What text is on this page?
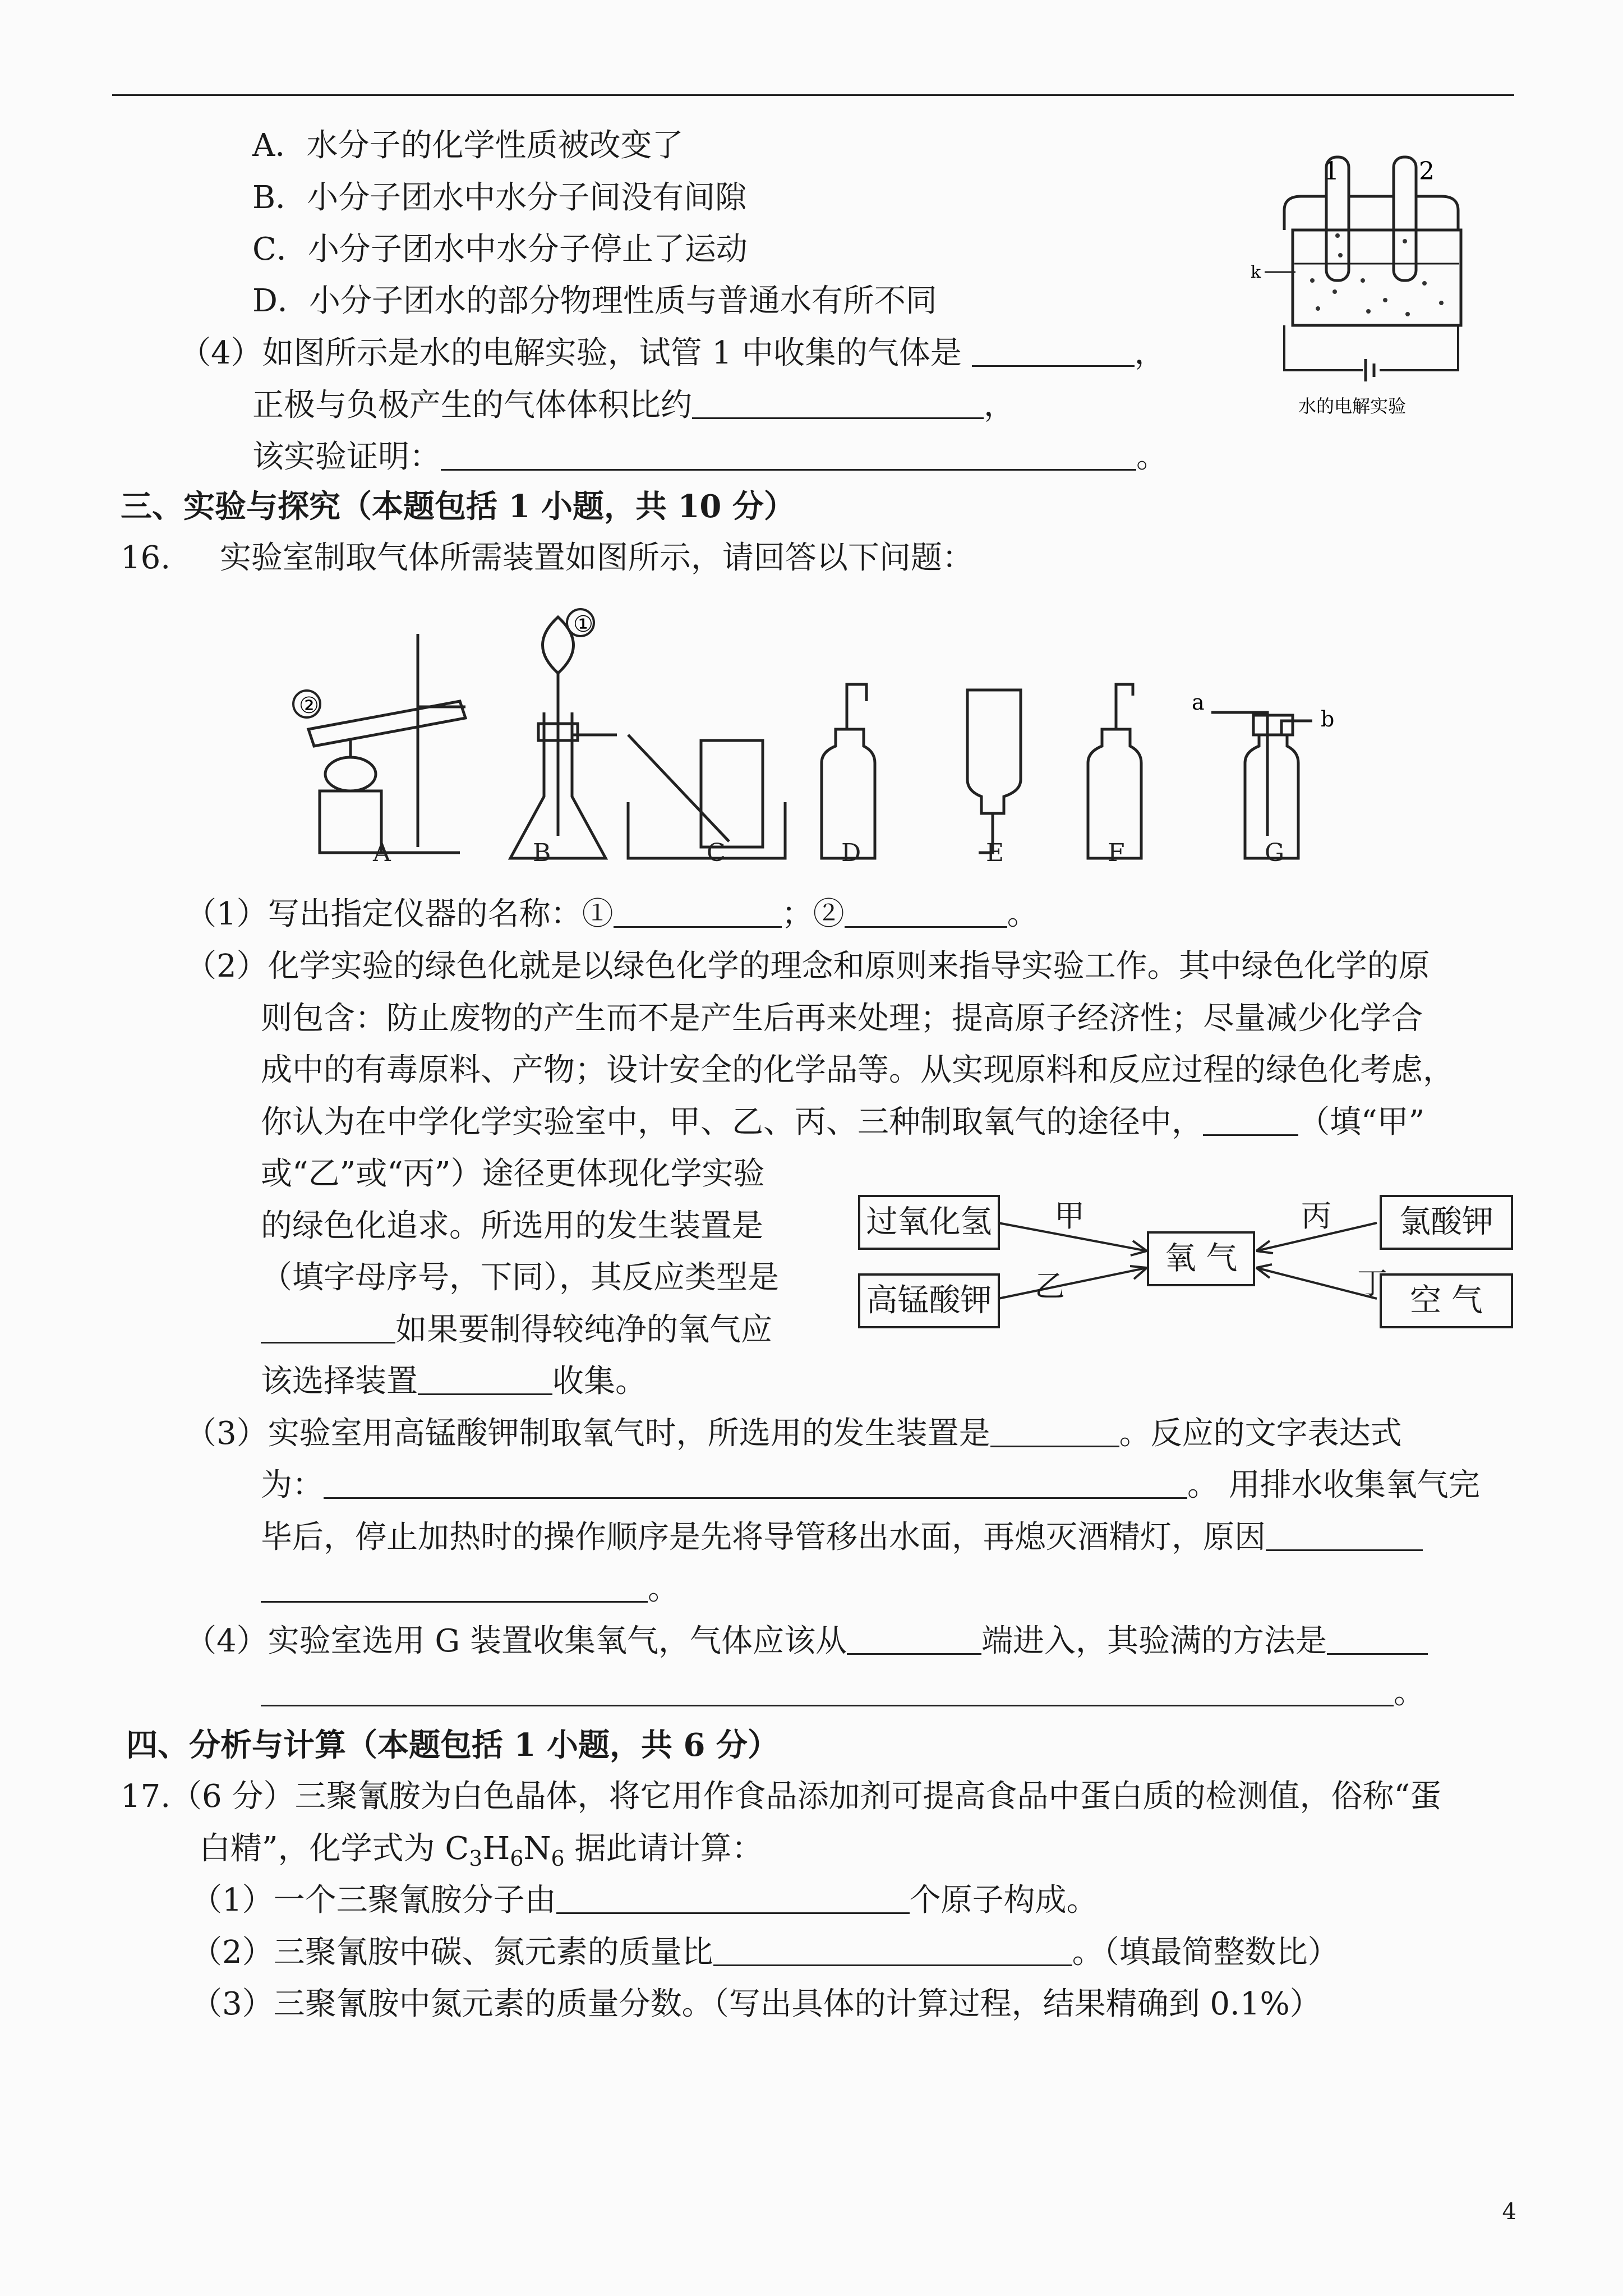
A．水分子的化学性质被改变了
B．小分子团水中水分子间没有间隙
C．小分子团水中水分子停止了运动
D．小分子团水的部分物理性质与普通水有所不同
（4）如图所示是水的电解实验，试管 1 中收集的气体是	，
正极与负极产生的气体体积比约	，
该实验证明：	。
1	2
k
水的电解实验
三、实验与探究（本题包括 1 小题，共 10 分）
16. 实验室制取气体所需装置如图所示，请回答以下问题：
①
②	a
b
A	B	C	D	E	F	G
（1）写出指定仪器的名称：①	；②	。
（2）化学实验的绿色化就是以绿色化学的理念和原则来指导实验工作。其中绿色化学的原
则包含：防止废物的产生而不是产生后再来处理；提高原子经济性；尽量减少化学合
成中的有毒原料、产物；设计安全的化学品等。从实现原料和反应过程的绿色化考虑，
你认为在中学化学实验室中，甲、乙、丙、三种制取氧气的途径中，	（填“甲”
或“乙”或“丙”）途径更体现化学实验
的绿色化追求。所选用的发生装置是
（填字母序号，下同），其反应类型是
如果要制得较纯净的氧气应
该选择装置	收集。
过氧化氢
高锰酸钾
氧 气
氯酸钾
空 气
甲
乙
丙
丁
（3）实验室用高锰酸钾制取氧气时，所选用的发生装置是	。反应的文字表达式
为：	。 用排水收集氧气完
毕后，停止加热时的操作顺序是先将导管移出水面，再熄灭酒精灯，原因
。
（4）实验室选用 G 装置收集氧气，气体应该从	端进入，其验满的方法是
。
四、分析与计算（本题包括 1 小题，共 6 分）
17.（6 分）三聚氰胺为白色晶体，将它用作食品添加剂可提高食品中蛋白质的检测值，俗称“蛋
白精”，化学式为 $C_3H_6N_6$ 据此请计算：
（1）一个三聚氰胺分子由	个原子构成。
（2）三聚氰胺中碳、氮元素的质量比	。（填最简整数比）
（3）三聚氰胺中氮元素的质量分数。（写出具体的计算过程，结果精确到 0.1%）
4
